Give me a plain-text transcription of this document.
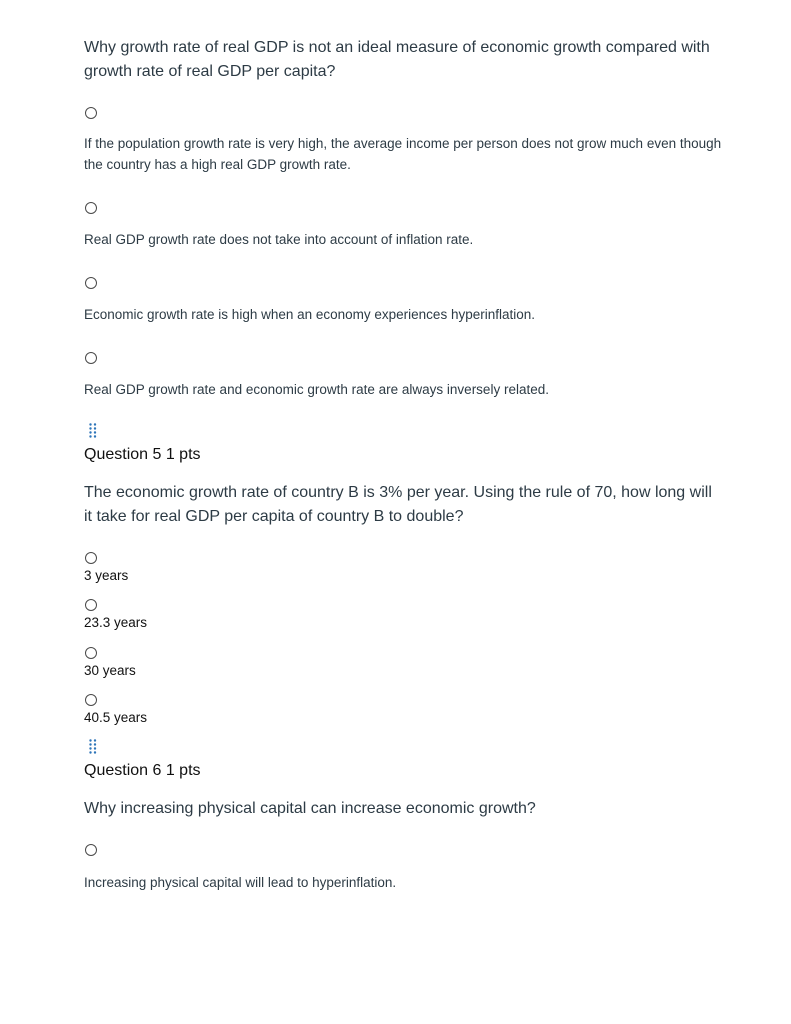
Why growth rate of real GDP is not an ideal measure of economic growth compared with growth rate of real GDP per capita?
If the population growth rate is very high, the average income per person does not grow much even though the country has a high real GDP growth rate.
Real GDP growth rate does not take into account of inflation rate.
Economic growth rate is high when an economy experiences hyperinflation.
Real GDP growth rate and economic growth rate are always inversely related.
Question 5 1 pts
The economic growth rate of country B is 3% per year. Using the rule of 70, how long will it take for real GDP per capita of country B to double?
3 years
23.3 years
30 years
40.5 years
Question 6 1 pts
Why increasing physical capital can increase economic growth?
Increasing physical capital will lead to hyperinflation.
